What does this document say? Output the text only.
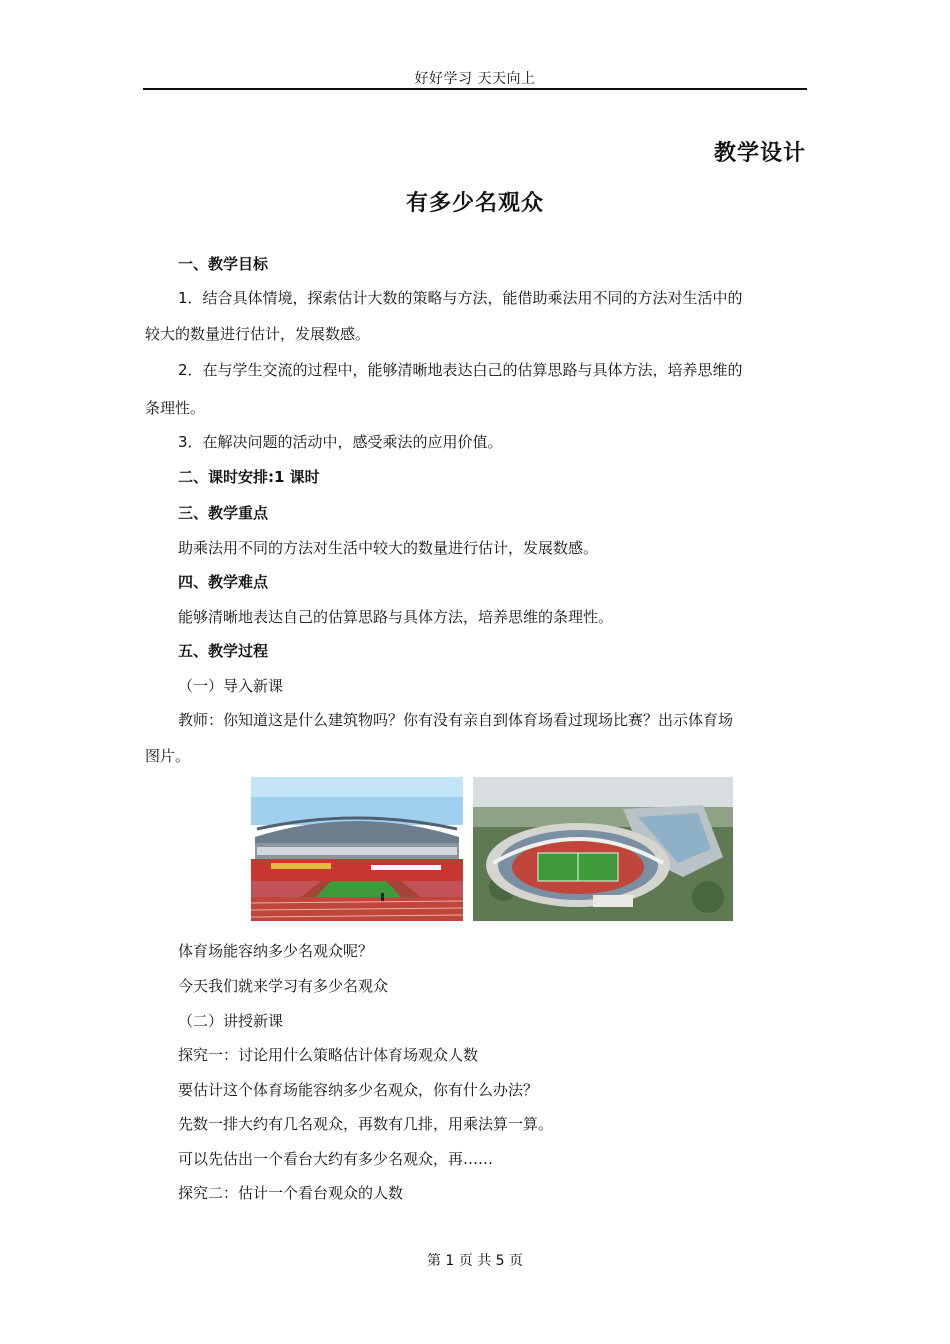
好好学习 天天向上
教学设计
有多少名观众
一、教学目标
1．结合具体情境，探索估计大数的策略与方法，能借助乘法用不同的方法对生活中的
较大的数量进行估计，发展数感。
2．在与学生交流的过程中，能够清晰地表达白己的估算思路与具体方法，培养思维的
条理性。
3．在解决问题的活动中，感受乘法的应用价值。
二、课时安排:1 课时
三、教学重点
助乘法用不同的方法对生活中较大的数量进行估计，发展数感。
四、教学难点
能够清晰地表达自己的估算思路与具体方法，培养思维的条理性。
五、教学过程
（一）导入新课
教师：你知道这是什么建筑物吗？你有没有亲自到体育场看过现场比赛？出示体育场
图片。
体育场能容纳多少名观众呢？
今天我们就来学习有多少名观众
（二）讲授新课
探究一：讨论用什么策略估计体育场观众人数
要估计这个体育场能容纳多少名观众，你有什么办法？
先数一排大约有几名观众，再数有几排，用乘法算一算。
可以先估出一个看台大约有多少名观众，再……
探究二：估计一个看台观众的人数
第 1 页 共 5 页
